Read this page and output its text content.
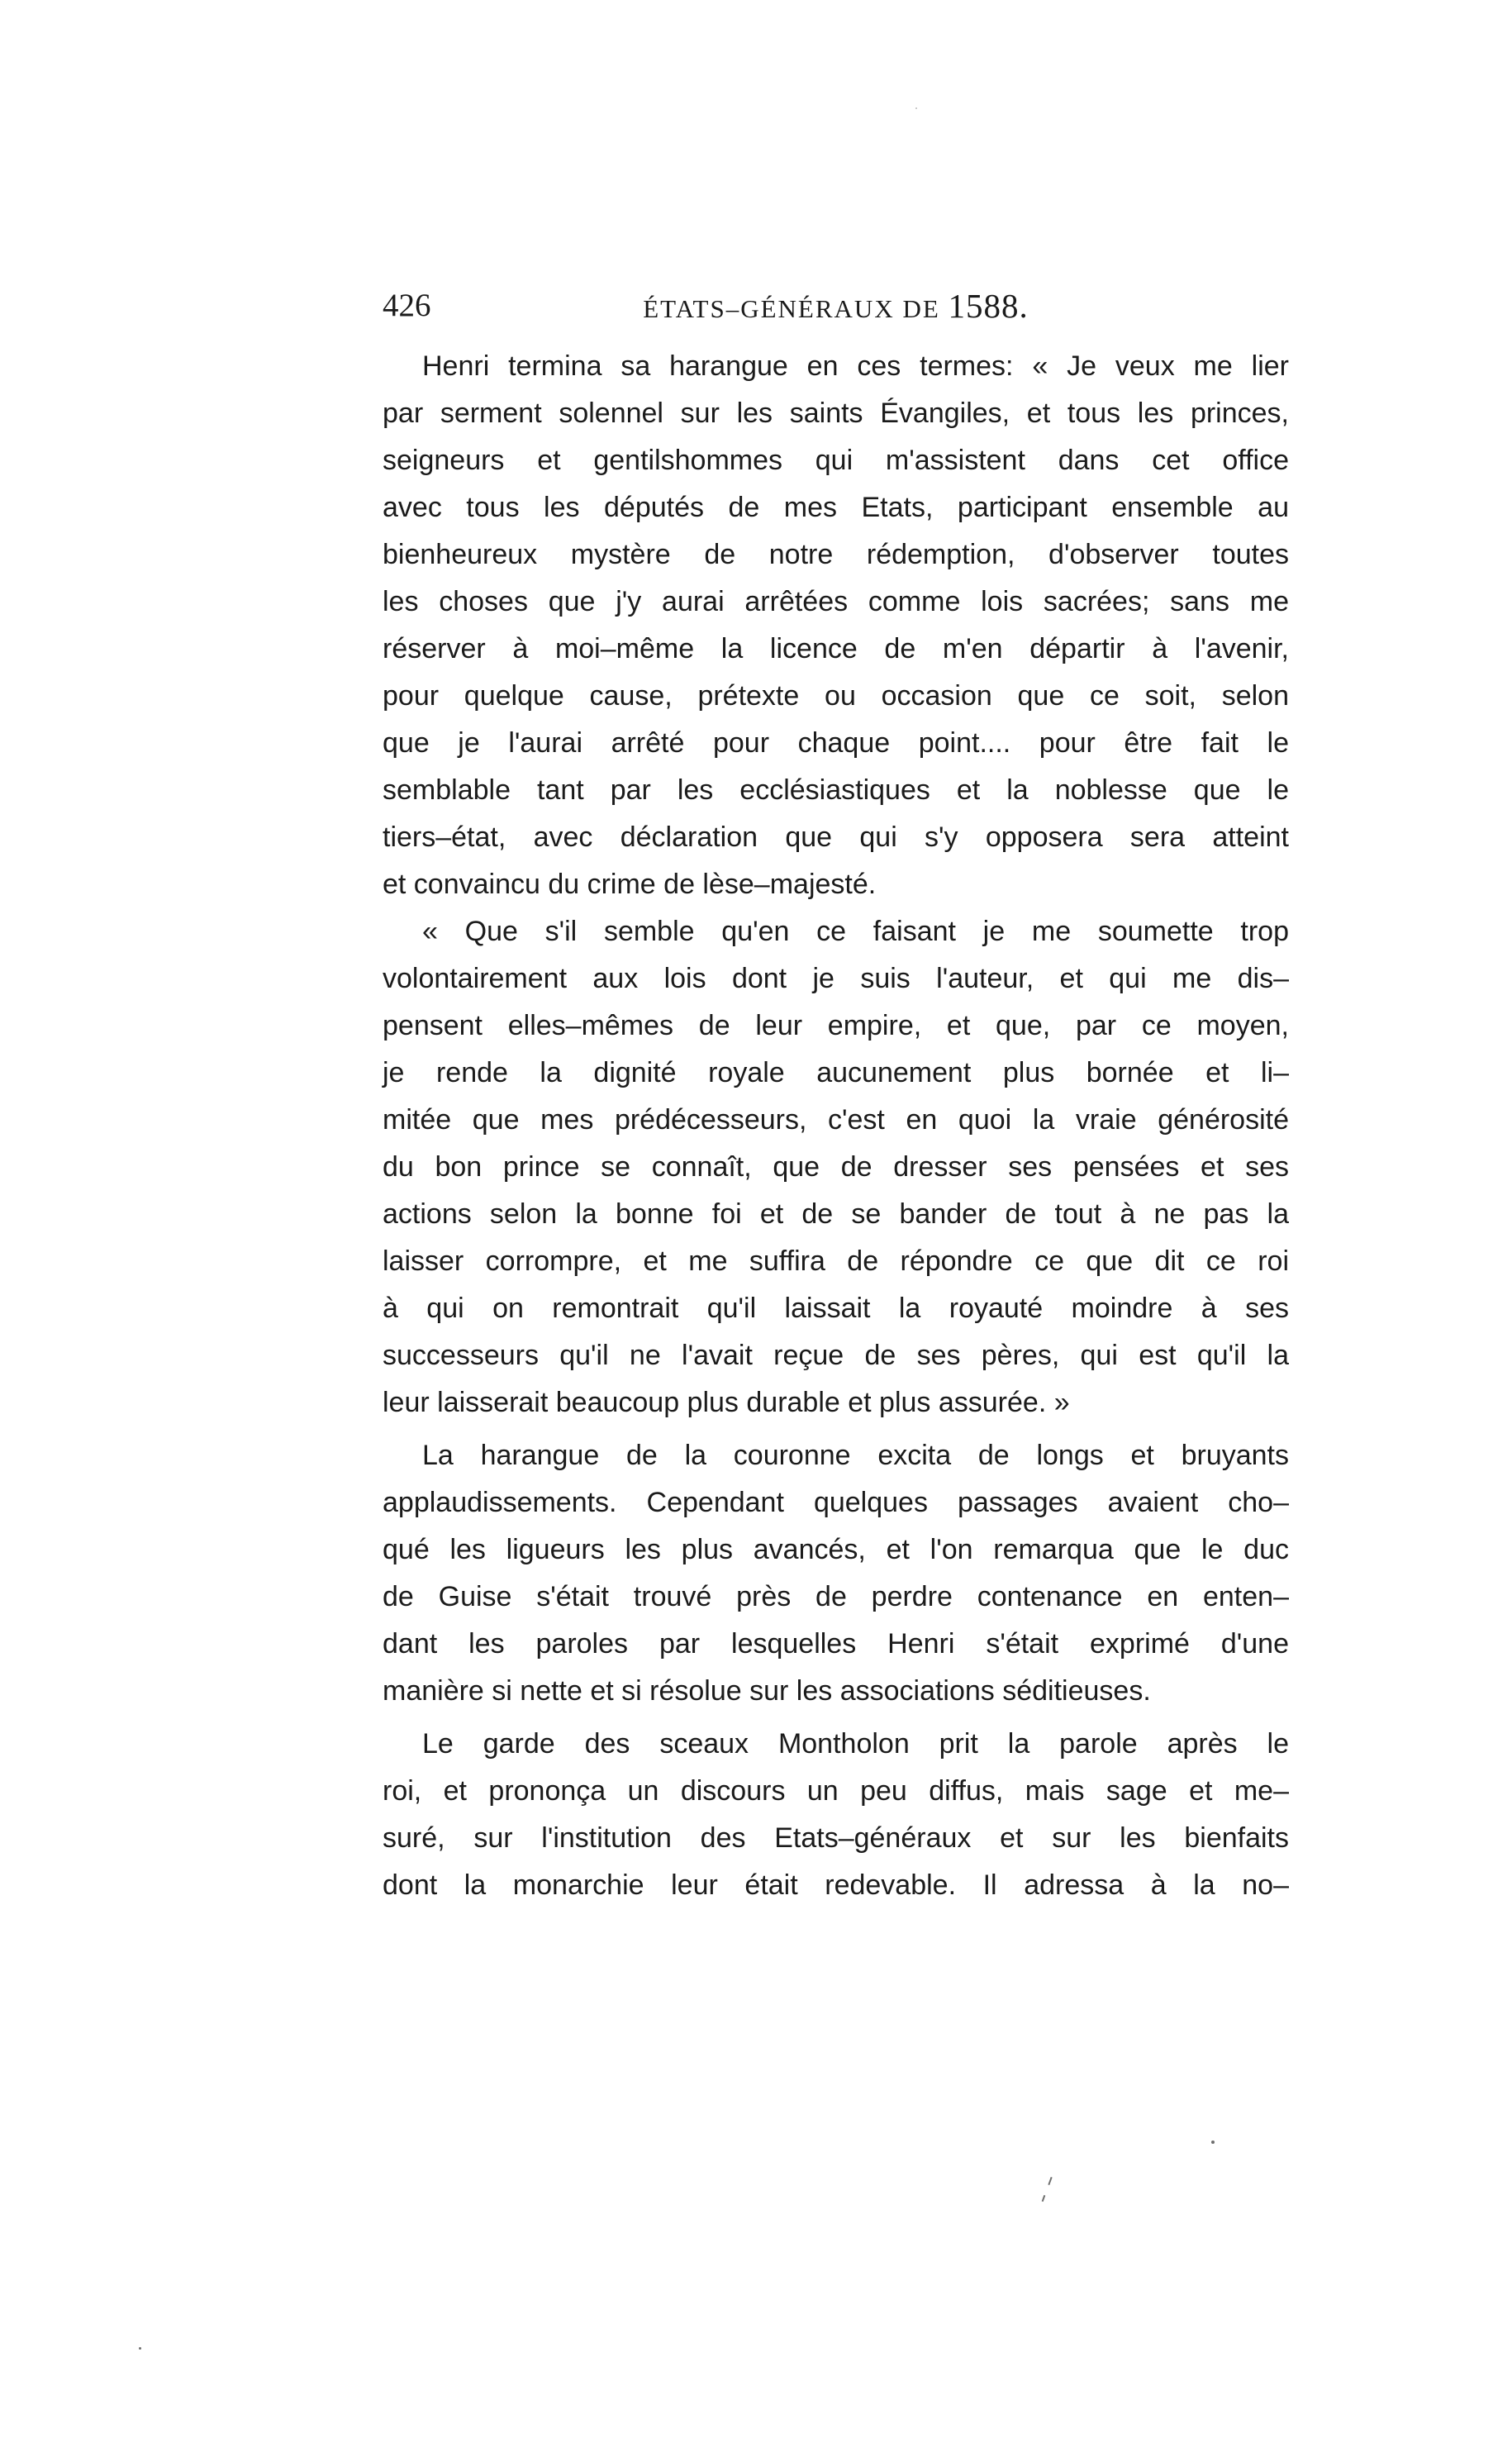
426	ÉTATS–GÉNÉRAUX DE 1588.
Henri termina sa harangue en ces termes: « Je veux me lier
par serment solennel sur les saints Évangiles, et tous les princes,
seigneurs et gentilshommes qui m'assistent dans cet office
avec tous les députés de mes Etats, participant ensemble au
bienheureux mystère de notre rédemption, d'observer toutes
les choses que j'y aurai arrêtées comme lois sacrées; sans me
réserver à moi–même la licence de m'en départir à l'avenir,
pour quelque cause, prétexte ou occasion que ce soit, selon
que je l'aurai arrêté pour chaque point.... pour être fait le
semblable tant par les ecclésiastiques et la noblesse que le
tiers–état, avec déclaration que qui s'y opposera sera atteint
et convaincu du crime de lèse–majesté.
« Que s'il semble qu'en ce faisant je me soumette trop
volontairement aux lois dont je suis l'auteur, et qui me dis–
pensent elles–mêmes de leur empire, et que, par ce moyen,
je rende la dignité royale aucunement plus bornée et li–
mitée que mes prédécesseurs, c'est en quoi la vraie générosité
du bon prince se connaît, que de dresser ses pensées et ses
actions selon la bonne foi et de se bander de tout à ne pas la
laisser corrompre, et me suffira de répondre ce que dit ce roi
à qui on remontrait qu'il laissait la royauté moindre à ses
successeurs qu'il ne l'avait reçue de ses pères, qui est qu'il la
leur laisserait beaucoup plus durable et plus assurée. »
La harangue de la couronne excita de longs et bruyants
applaudissements. Cependant quelques passages avaient cho–
qué les ligueurs les plus avancés, et l'on remarqua que le duc
de Guise s'était trouvé près de perdre contenance en enten–
dant les paroles par lesquelles Henri s'était exprimé d'une
manière si nette et si résolue sur les associations séditieuses.
Le garde des sceaux Montholon prit la parole après le
roi, et prononça un discours un peu diffus, mais sage et me–
suré, sur l'institution des Etats–généraux et sur les bienfaits
dont la monarchie leur était redevable. Il adressa à la no–
